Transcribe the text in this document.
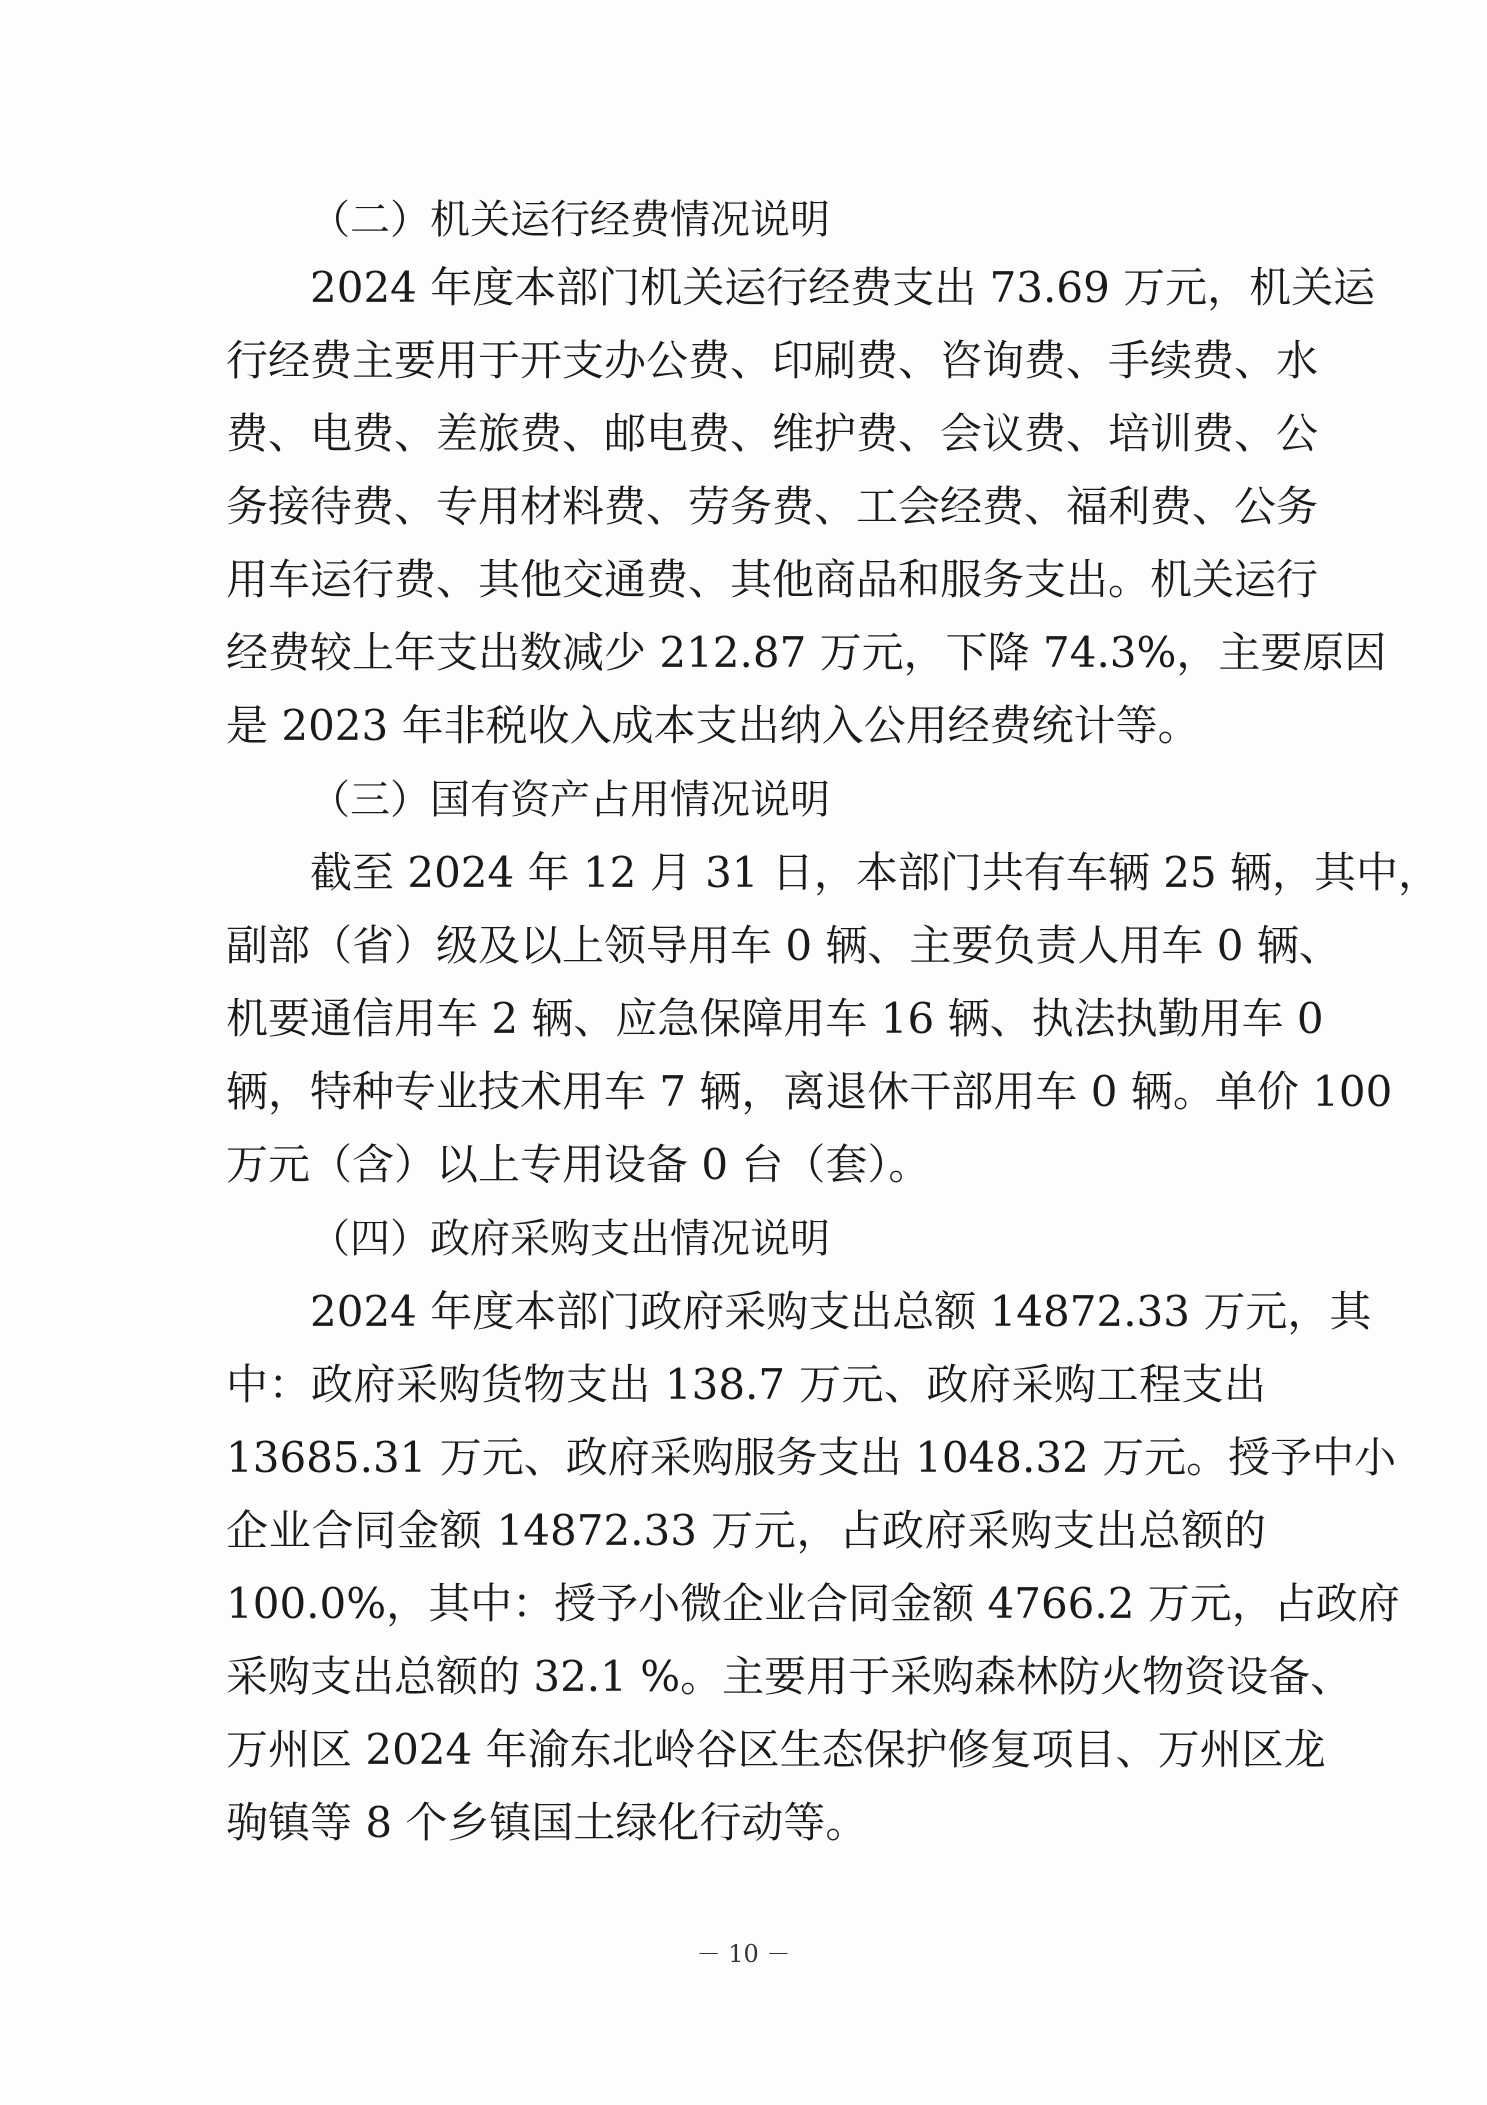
（二）机关运行经费情况说明

2024 年度本部门机关运行经费支出 73.69 万元，机关运

行经费主要用于开支办公费、印刷费、咨询费、手续费、水

费、电费、差旅费、邮电费、维护费、会议费、培训费、公

务接待费、专用材料费、劳务费、工会经费、福利费、公务

用车运行费、其他交通费、其他商品和服务支出。机关运行

经费较上年支出数减少 212.87 万元，下降 74.3%，主要原因

是 2023 年非税收入成本支出纳入公用经费统计等。

（三）国有资产占用情况说明

截至 2024 年 12 月 31 日，本部门共有车辆 25 辆，其中，

副部（省）级及以上领导用车 0 辆、主要负责人用车 0 辆、

机要通信用车 2 辆、应急保障用车 16 辆、执法执勤用车 0

辆，特种专业技术用车 7 辆，离退休干部用车 0 辆。单价 100

万元（含）以上专用设备 0 台（套）。

（四）政府采购支出情况说明

2024 年度本部门政府采购支出总额 14872.33 万元，其

中：政府采购货物支出 138.7 万元、政府采购工程支出

13685.31 万元、政府采购服务支出 1048.32 万元。授予中小

企业合同金额 14872.33 万元，占政府采购支出总额的

100.0%，其中：授予小微企业合同金额 4766.2 万元，占政府

采购支出总额的 32.1 %。主要用于采购森林防火物资设备、

万州区 2024 年渝东北岭谷区生态保护修复项目、万州区龙

驹镇等 8 个乡镇国土绿化行动等。

－ 10 －
